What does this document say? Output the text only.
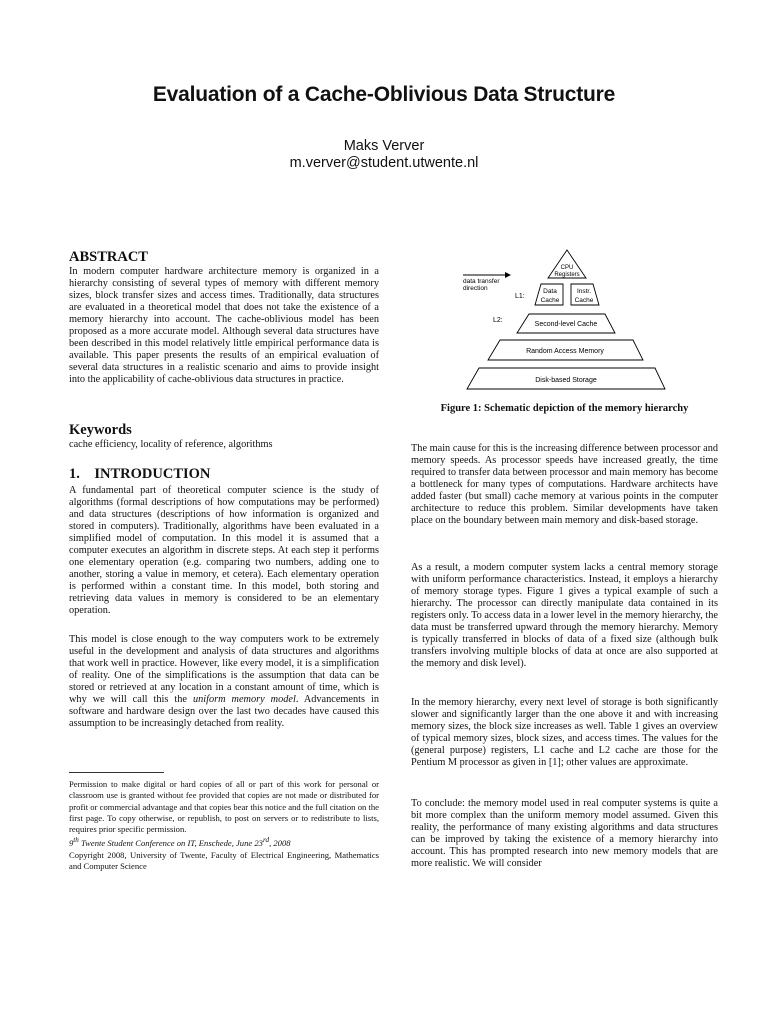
Evaluation of a Cache-Oblivious Data Structure
Maks Verver
m.verver@student.utwente.nl
ABSTRACT

In modern computer hardware architecture memory is organized in a hierarchy consisting of several types of memory with different memory sizes, block transfer sizes and access times. Traditionally, data structures are evaluated in a theoretical model that does not take the existence of a memory hierarchy into account. The cache-oblivious model has been proposed as a more accurate model. Although several data structures have been described in this model relatively little empirical performance data is available. This paper presents the results of an empirical evaluation of several data structures in a realistic scenario and aims to provide insight into the applicability of cache-oblivious data structures in practice.

Keywords

cache efficiency, locality of reference, algorithms

1.    INTRODUCTION

A fundamental part of theoretical computer science is the study of algorithms (formal descriptions of how computations may be performed) and data structures (descriptions of how information is organized and stored in computers). Traditionally, algorithms have been evaluated in a simplified model of computation. In this model it is assumed that a computer executes an algorithm in discrete steps. At each step it performs one elementary operation (e.g. comparing two numbers, adding one to another, storing a value in memory, et cetera). Each elementary operation is performed within a constant time. In this model, both storing and retrieving data values in memory is considered to be an elementary operation.

This model is close enough to the way computers work to be extremely useful in the development and analysis of data structures and algorithms that work well in practice. However, like every model, it is a simplification of reality. One of the simplifications is the assumption that data can be stored or retrieved at any location in a constant amount of time, which is why we will call this the uniform memory model. Advancements in software and hardware design over the last two decades have caused this assumption to be increasingly detached from reality.

Permission to make digital or hard copies of all or part of this work for personal or classroom use is granted without fee provided that copies are not made or distributed for profit or commercial advantage and that copies bear this notice and the full citation on the first page. To copy otherwise, or republish, to post on servers or to redistribute to lists, requires prior specific permission.
9th Twente Student Conference on IT, Enschede, June 23rd, 2008
Copyright 2008, University of Twente, Faculty of Electrical Engineering, Mathematics and Computer Science
data transfer
direction
CPU
Registers
L1:
Data
Cache
Instr.
Cache
L2:
Second-level Cache
Random Access Memory
Disk-based Storage
Figure 1: Schematic depiction of the memory hierarchy

The main cause for this is the increasing difference between processor and memory speeds. As processor speeds have increased greatly, the time required to transfer data between processor and main memory has become a bottleneck for many types of computations. Hardware architects have added faster (but small) cache memory at various points in the computer architecture to reduce this problem. Similar developments have taken place on the boundary between main memory and disk-based storage.

As a result, a modern computer system lacks a central memory storage with uniform performance characteristics. Instead, it employs a hierarchy of memory storage types. Figure 1 gives a typical example of such a hierarchy. The processor can directly manipulate data contained in its registers only. To access data in a lower level in the memory hierarchy, the data must be transferred upward through the memory hierarchy. Memory is typically transferred in blocks of data of a fixed size (although bulk transfers involving multiple blocks of data at once are also supported at the memory and disk level).

In the memory hierarchy, every next level of storage is both significantly slower and significantly larger than the one above it and with increasing memory sizes, the block size increases as well. Table 1 gives an overview of typical memory sizes, block sizes, and access times. The values for the (general purpose) registers, L1 cache and L2 cache are those for the Pentium M processor as given in [1]; other values are approximate.

To conclude: the memory model used in real computer systems is quite a bit more complex than the uniform memory model assumed. Given this reality, the performance of many existing algorithms and data structures can be improved by taking the existence of a memory hierarchy into account. This has prompted research into new memory models that are more realistic. We will consider
